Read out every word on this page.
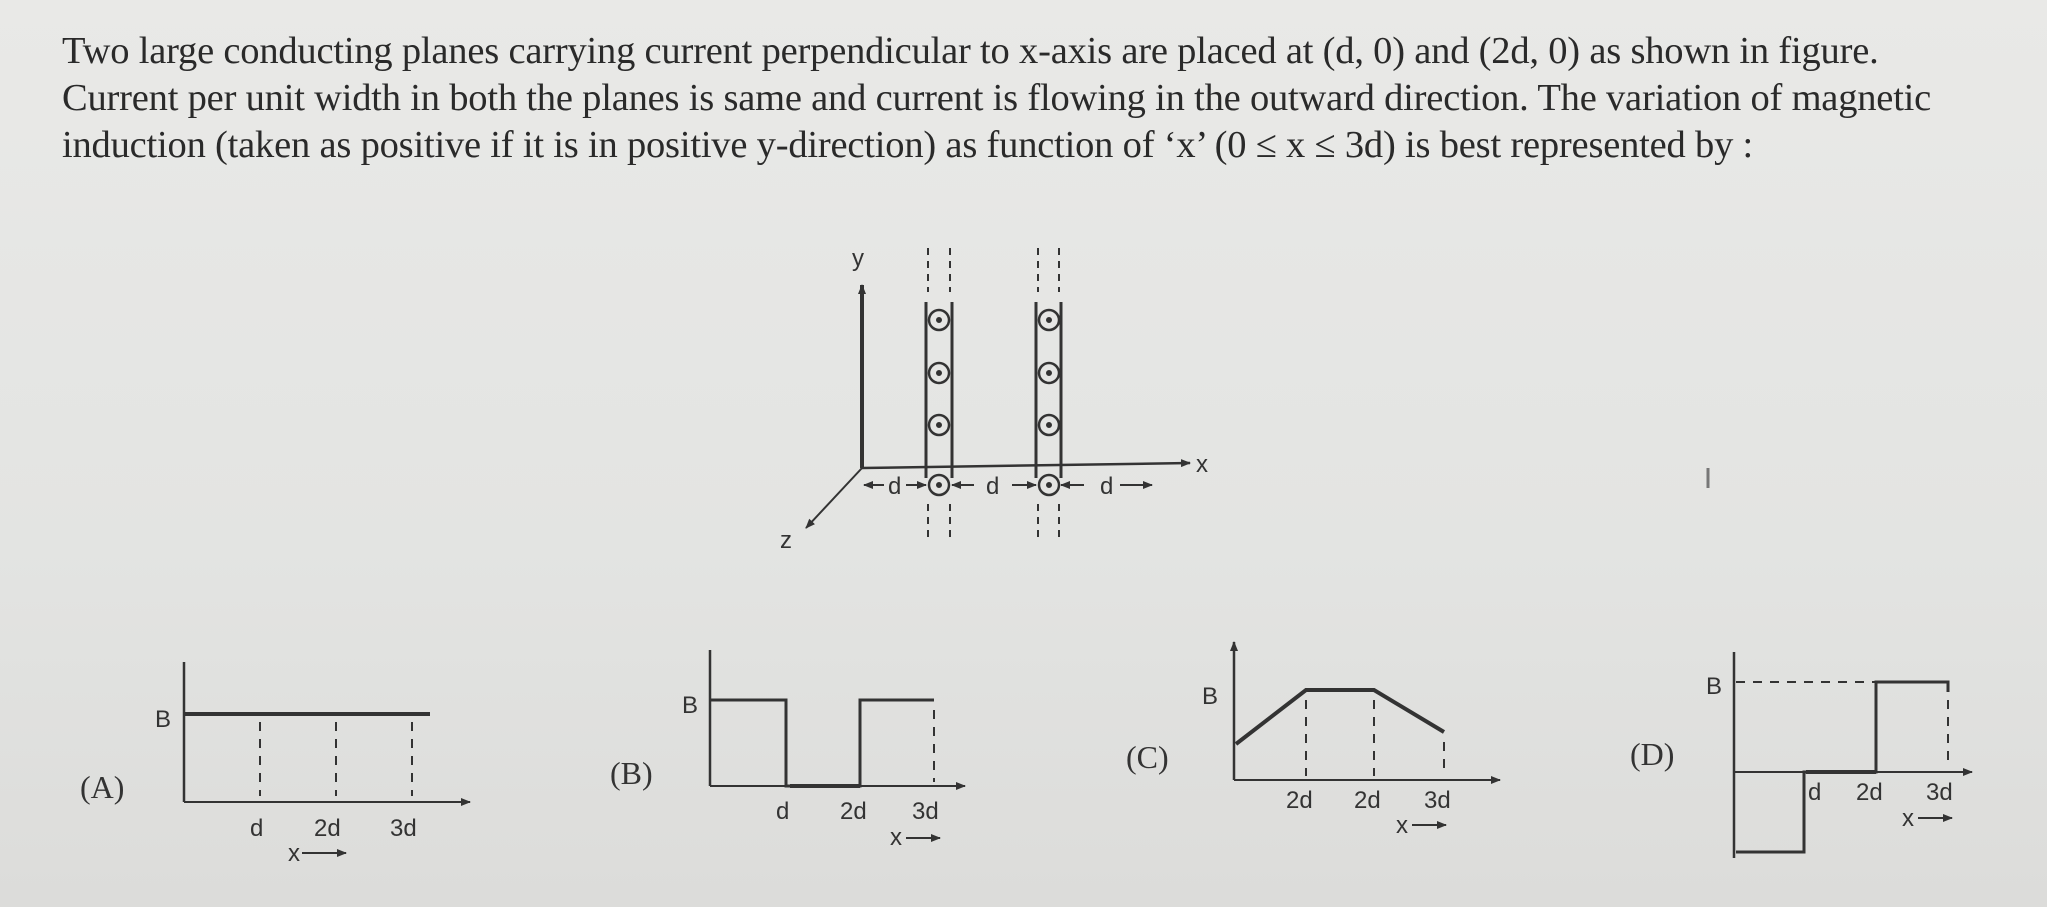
Two large conducting planes carrying current perpendicular to x-axis are placed at (d, 0) and (2d, 0) as shown in figure.
Current per unit width in both the planes is same and current is flowing in the outward direction. The variation of magnetic
induction (taken as positive if it is in positive y-direction) as function of ‘x’ (0 ≤ x ≤ 3d) is best represented by :
y
x
z
d	d	d
B
d 2d 3d
x
(A)
B
d 2d 3d
x
(B)
B
2d 2d 3d
x
(C)
B
d 2d 3d
x
(D)
